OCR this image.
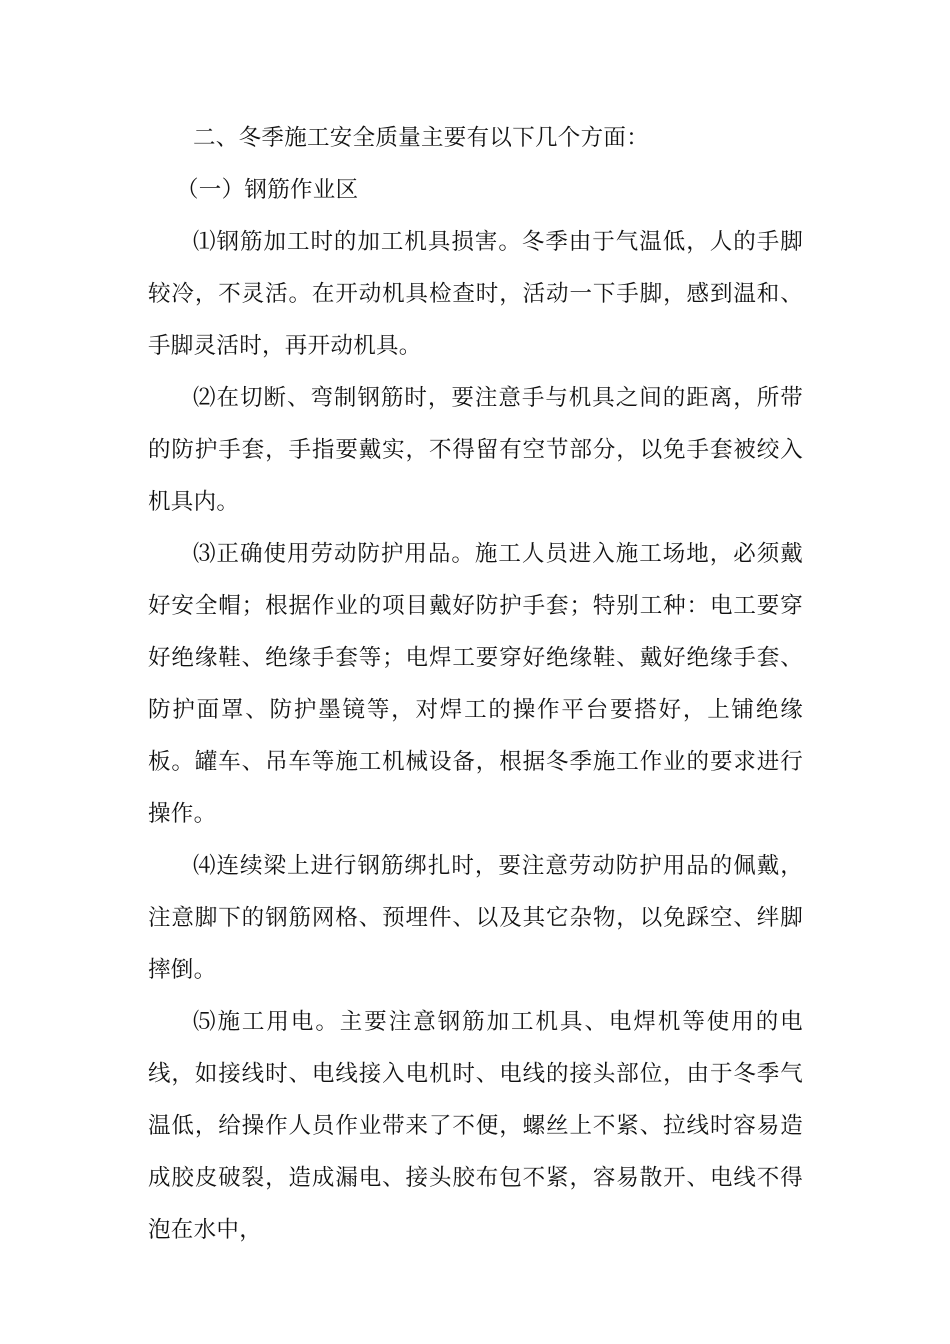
二、冬季施工安全质量主要有以下几个方面：

（一）钢筋作业区

⑴钢筋加工时的加工机具损害。冬季由于气温低，人的手脚较冷，不灵活。在开动机具检查时，活动一下手脚，感到温和、手脚灵活时，再开动机具。

⑵在切断、弯制钢筋时，要注意手与机具之间的距离，所带的防护手套，手指要戴实，不得留有空节部分，以免手套被绞入机具内。

⑶正确使用劳动防护用品。施工人员进入施工场地，必须戴好安全帽；根据作业的项目戴好防护手套；特别工种：电工要穿好绝缘鞋、绝缘手套等；电焊工要穿好绝缘鞋、戴好绝缘手套、防护面罩、防护墨镜等，对焊工的操作平台要搭好，上铺绝缘板。罐车、吊车等施工机械设备，根据冬季施工作业的要求进行操作。

⑷连续梁上进行钢筋绑扎时，要注意劳动防护用品的佩戴，注意脚下的钢筋网格、预埋件、以及其它杂物，以免踩空、绊脚摔倒。

⑸施工用电。主要注意钢筋加工机具、电焊机等使用的电线，如接线时、电线接入电机时、电线的接头部位，由于冬季气温低，给操作人员作业带来了不便，螺丝上不紧、拉线时容易造成胶皮破裂，造成漏电、接头胶布包不紧，容易散开、电线不得泡在水中，
